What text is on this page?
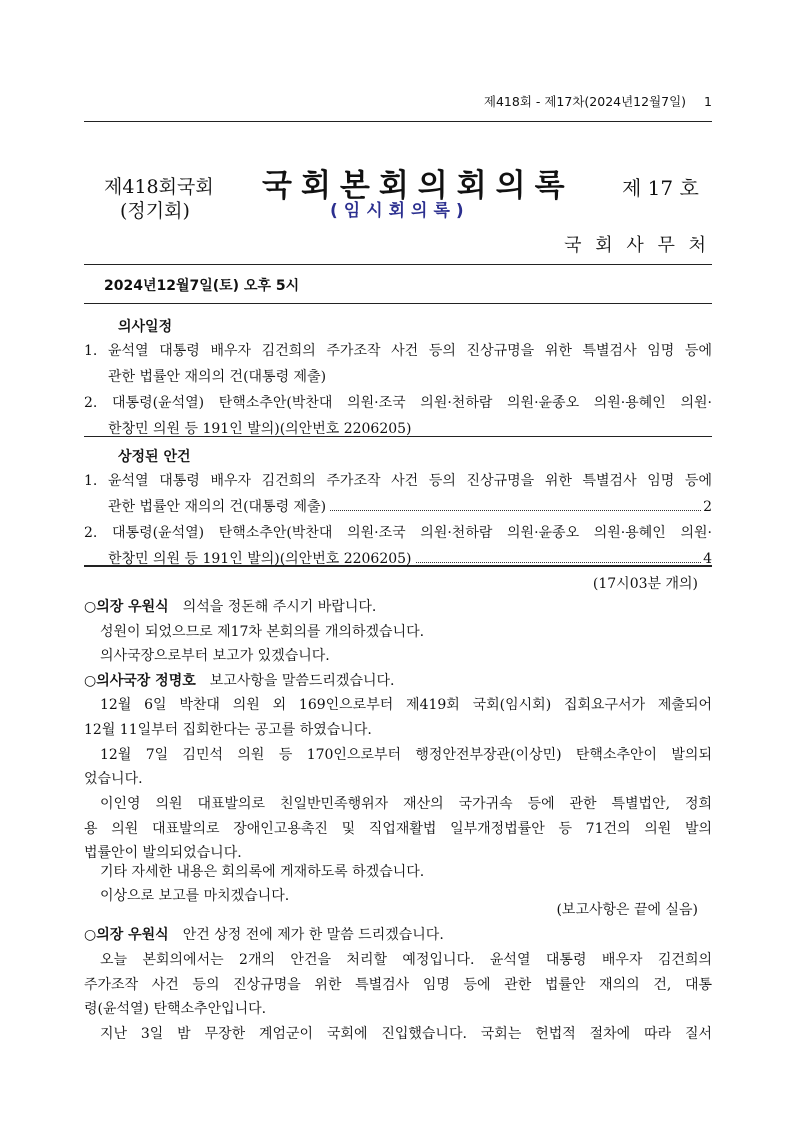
제418회 - 제17차(2024년12월7일) 1
제418회국회
(정기회)
국회본회의회의록
(임시회의록)
제 17 호
국 회 사 무 처
2024년12월7일(토) 오후 5시
의사일정
1. 윤석열 대통령 배우자 김건희의 주가조작 사건 등의 진상규명을 위한 특별검사 임명 등에
관한 법률안 재의의 건(대통령 제출)
2. 대통령(윤석열) 탄핵소추안(박찬대 의원·조국 의원·천하람 의원·윤종오 의원·용혜인 의원·
한창민 의원 등 191인 발의)(의안번호 2206205)
상정된 안건
1. 윤석열 대통령 배우자 김건희의 주가조작 사건 등의 진상규명을 위한 특별검사 임명 등에
관한 법률안 재의의 건(대통령 제출)	2
2. 대통령(윤석열) 탄핵소추안(박찬대 의원·조국 의원·천하람 의원·윤종오 의원·용혜인 의원·
한창민 의원 등 191인 발의)(의안번호 2206205)	4
(17시03분 개의)
○의장 우원식 의석을 정돈해 주시기 바랍니다.
성원이 되었으므로 제17차 본회의를 개의하겠습니다.
의사국장으로부터 보고가 있겠습니다.
○의사국장 정명호 보고사항을 말씀드리겠습니다.
12월 6일 박찬대 의원 외 169인으로부터 제419회 국회(임시회) 집회요구서가 제출되어
12월 11일부터 집회한다는 공고를 하였습니다.
12월 7일 김민석 의원 등 170인으로부터 행정안전부장관(이상민) 탄핵소추안이 발의되
었습니다.
이인영 의원 대표발의로 친일반민족행위자 재산의 국가귀속 등에 관한 특별법안, 정희
용 의원 대표발의로 장애인고용촉진 및 직업재활법 일부개정법률안 등 71건의 의원 발의
법률안이 발의되었습니다.
기타 자세한 내용은 회의록에 게재하도록 하겠습니다.
이상으로 보고를 마치겠습니다.
(보고사항은 끝에 실음)
○의장 우원식 안건 상정 전에 제가 한 말씀 드리겠습니다.
오늘 본회의에서는 2개의 안건을 처리할 예정입니다. 윤석열 대통령 배우자 김건희의
주가조작 사건 등의 진상규명을 위한 특별검사 임명 등에 관한 법률안 재의의 건, 대통
령(윤석열) 탄핵소추안입니다.
지난 3일 밤 무장한 계엄군이 국회에 진입했습니다. 국회는 헌법적 절차에 따라 질서
